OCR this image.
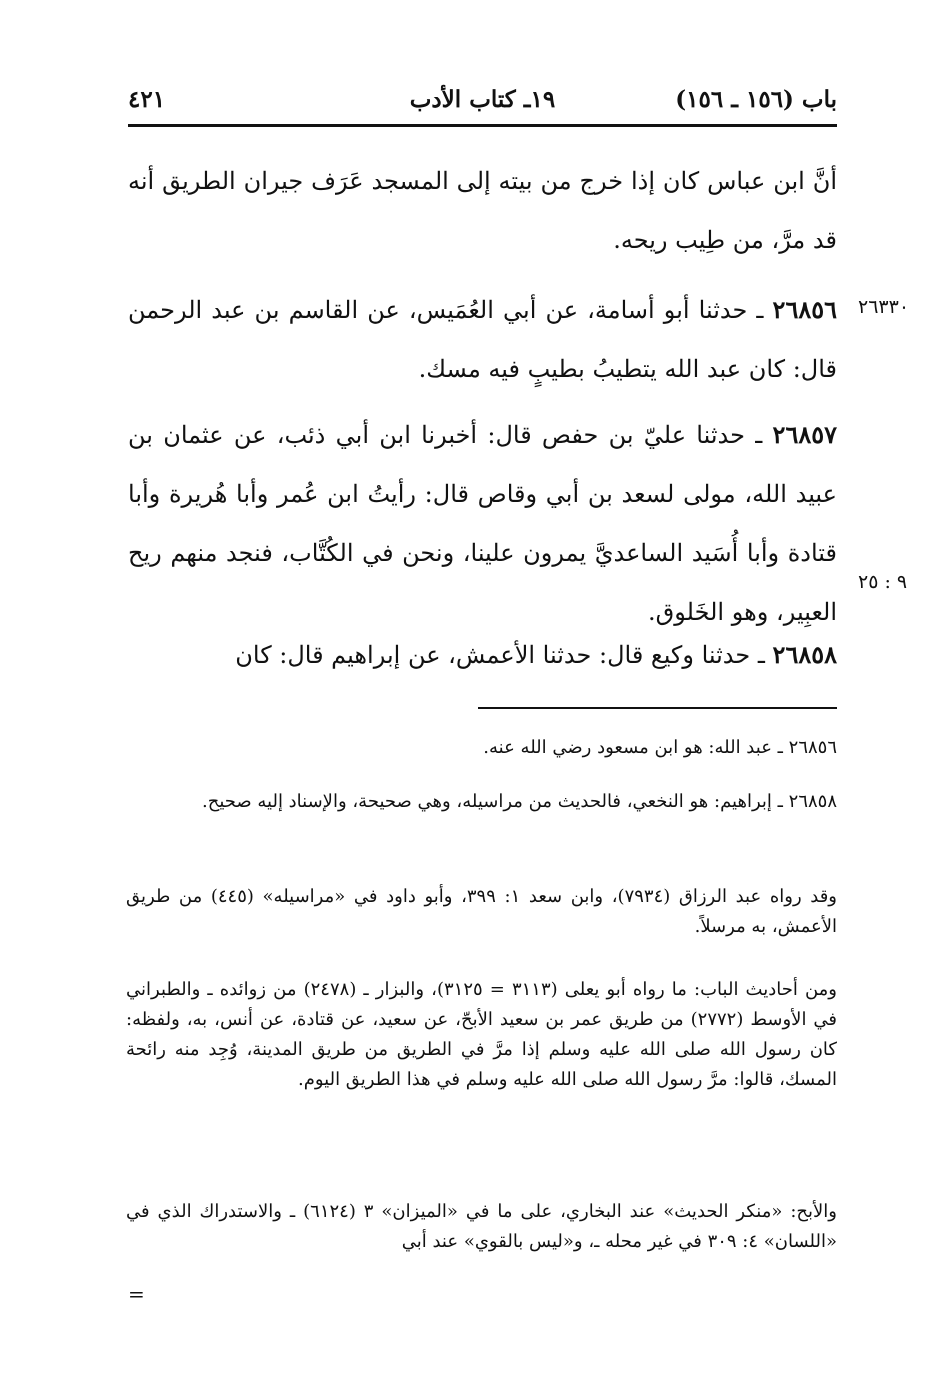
باب (١٥٦ ـ ١٥٦)
١٩ـ كتاب الأدب
٤٢١

أنَّ ابن عباس كان إذا خرج من بيته إلى المسجد عَرَف جيران الطريق أنه قد مرَّ، من طِيب ريحه.

٢٦٨٥٦ ـ حدثنا أبو أسامة، عن أبي العُمَيس، عن القاسم بن عبد الرحمن قال: كان عبد الله يتطيبُ بطيبٍ فيه مسك.

٢٦٨٥٧ ـ حدثنا عليّ بن حفص قال: أخبرنا ابن أبي ذئب، عن عثمان بن عبيد الله، مولى لسعد بن أبي وقاص قال: رأيتُ ابن عُمر وأبا هُريرة وأبا قتادة وأبا أُسَيد الساعديَّ يمرون علينا، ونحن في الكُتَّاب، فنجد منهم ريح العبِير، وهو الخَلوق.

٢٦٨٥٨ ـ حدثنا وكيع قال: حدثنا الأعمش، عن إبراهيم قال: كان

٢٦٣٣٠
٩ : ٢٥

٢٦٨٥٦ ـ عبد الله: هو ابن مسعود رضي الله عنه.

٢٦٨٥٨ ـ إبراهيم: هو النخعي، فالحديث من مراسيله، وهي صحيحة، والإسناد إليه صحيح.

وقد رواه عبد الرزاق (٧٩٣٤)، وابن سعد ١: ٣٩٩، وأبو داود في «مراسيله» (٤٤٥) من طريق الأعمش، به مرسلاً.

ومن أحاديث الباب: ما رواه أبو يعلى (٣١١٣ = ٣١٢٥)، والبزار ـ (٢٤٧٨) من زوائده ـ والطبراني في الأوسط (٢٧٧٢) من طريق عمر بن سعيد الأبحّ، عن سعيد، عن قتادة، عن أنس، به، ولفظه: كان رسول الله صلى الله عليه وسلم إذا مرَّ في الطريق من طريق المدينة، وُجِد منه رائحة المسك، قالوا: مرَّ رسول الله صلى الله عليه وسلم في هذا الطريق اليوم.

والأبح: «منكر الحديث» عند البخاري، على ما في «الميزان» ٣ (٦١٢٤) ـ والاستدراك الذي في «اللسان» ٤: ٣٠٩ في غير محله ـ، و«ليس بالقوي» عند أبي

=
